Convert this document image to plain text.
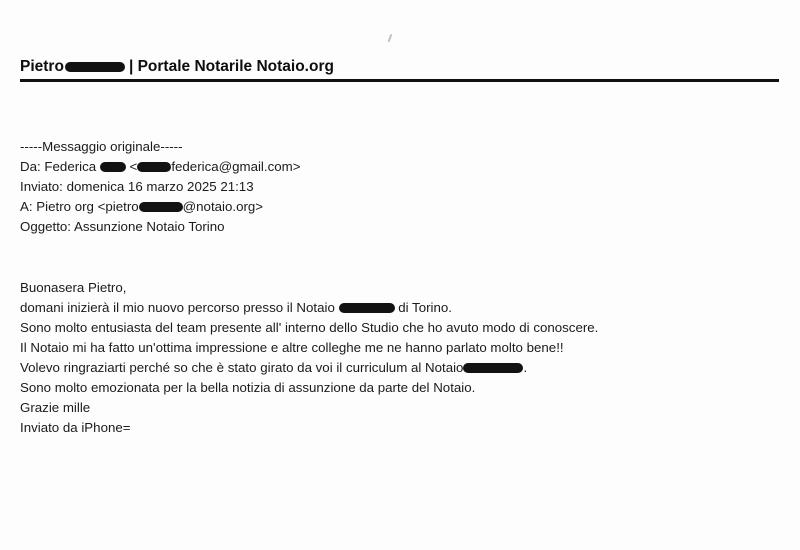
Pietro	| Portale Notarile Notaio.org
-----Messaggio originale-----
Da: Federica	<	federica@gmail.com>
Inviato: domenica 16 marzo 2025 21:13
A: Pietro org <pietro	@notaio.org>
Oggetto: Assunzione Notaio Torino
Buonasera Pietro,
domani inizierà il mio nuovo percorso presso il Notaio	di Torino.
Sono molto entusiasta del team presente all' interno dello Studio che ho avuto modo di conoscere.
Il Notaio mi ha fatto un'ottima impressione e altre colleghe me ne hanno parlato molto bene!!
Volevo ringraziarti perché so che è stato girato da voi il curriculum al Notaio	.
Sono molto emozionata per la bella notizia di assunzione da parte del Notaio.
Grazie mille
Inviato da iPhone=
